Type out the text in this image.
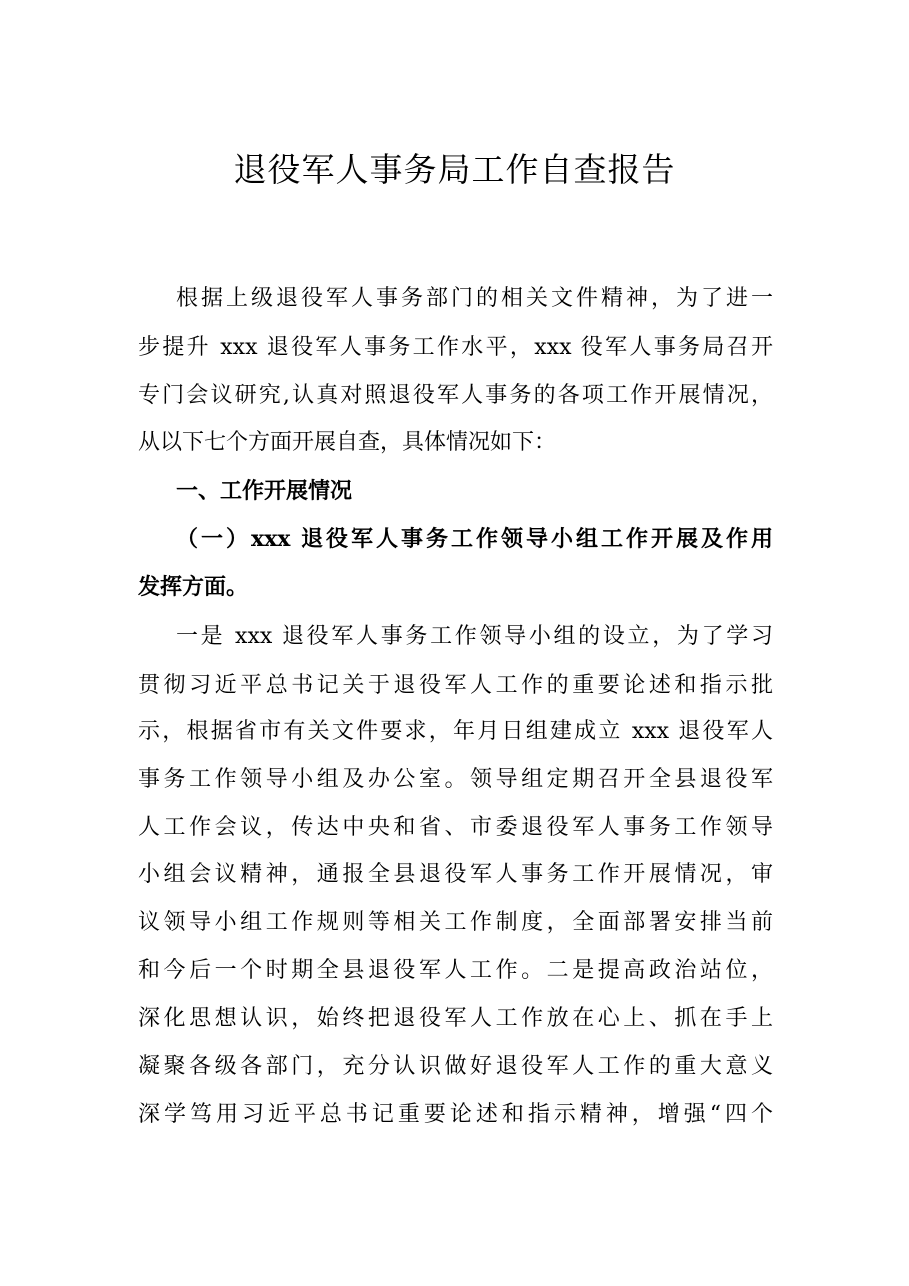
退役军人事务局工作自查报告
根据上级退役军人事务部门的相关文件精神，为了进一
步提升 xxx 退役军人事务工作水平，xxx 役军人事务局召开
专门会议研究,认真对照退役军人事务的各项工作开展情况，
从以下七个方面开展自查，具体情况如下：
一、工作开展情况
（一）xxx 退役军人事务工作领导小组工作开展及作用
发挥方面。
一是 xxx 退役军人事务工作领导小组的设立，为了学习
贯彻习近平总书记关于退役军人工作的重要论述和指示批
示，根据省市有关文件要求，年月日组建成立 xxx 退役军人
事务工作领导小组及办公室。领导组定期召开全县退役军
人工作会议，传达中央和省、市委退役军人事务工作领导
小组会议精神，通报全县退役军人事务工作开展情况，审
议领导小组工作规则等相关工作制度，全面部署安排当前
和今后一个时期全县退役军人工作。二是提高政治站位，
深化思想认识，始终把退役军人工作放在心上、抓在手上
凝聚各级各部门，充分认识做好退役军人工作的重大意义
深学笃用习近平总书记重要论述和指示精神，增强“四个
